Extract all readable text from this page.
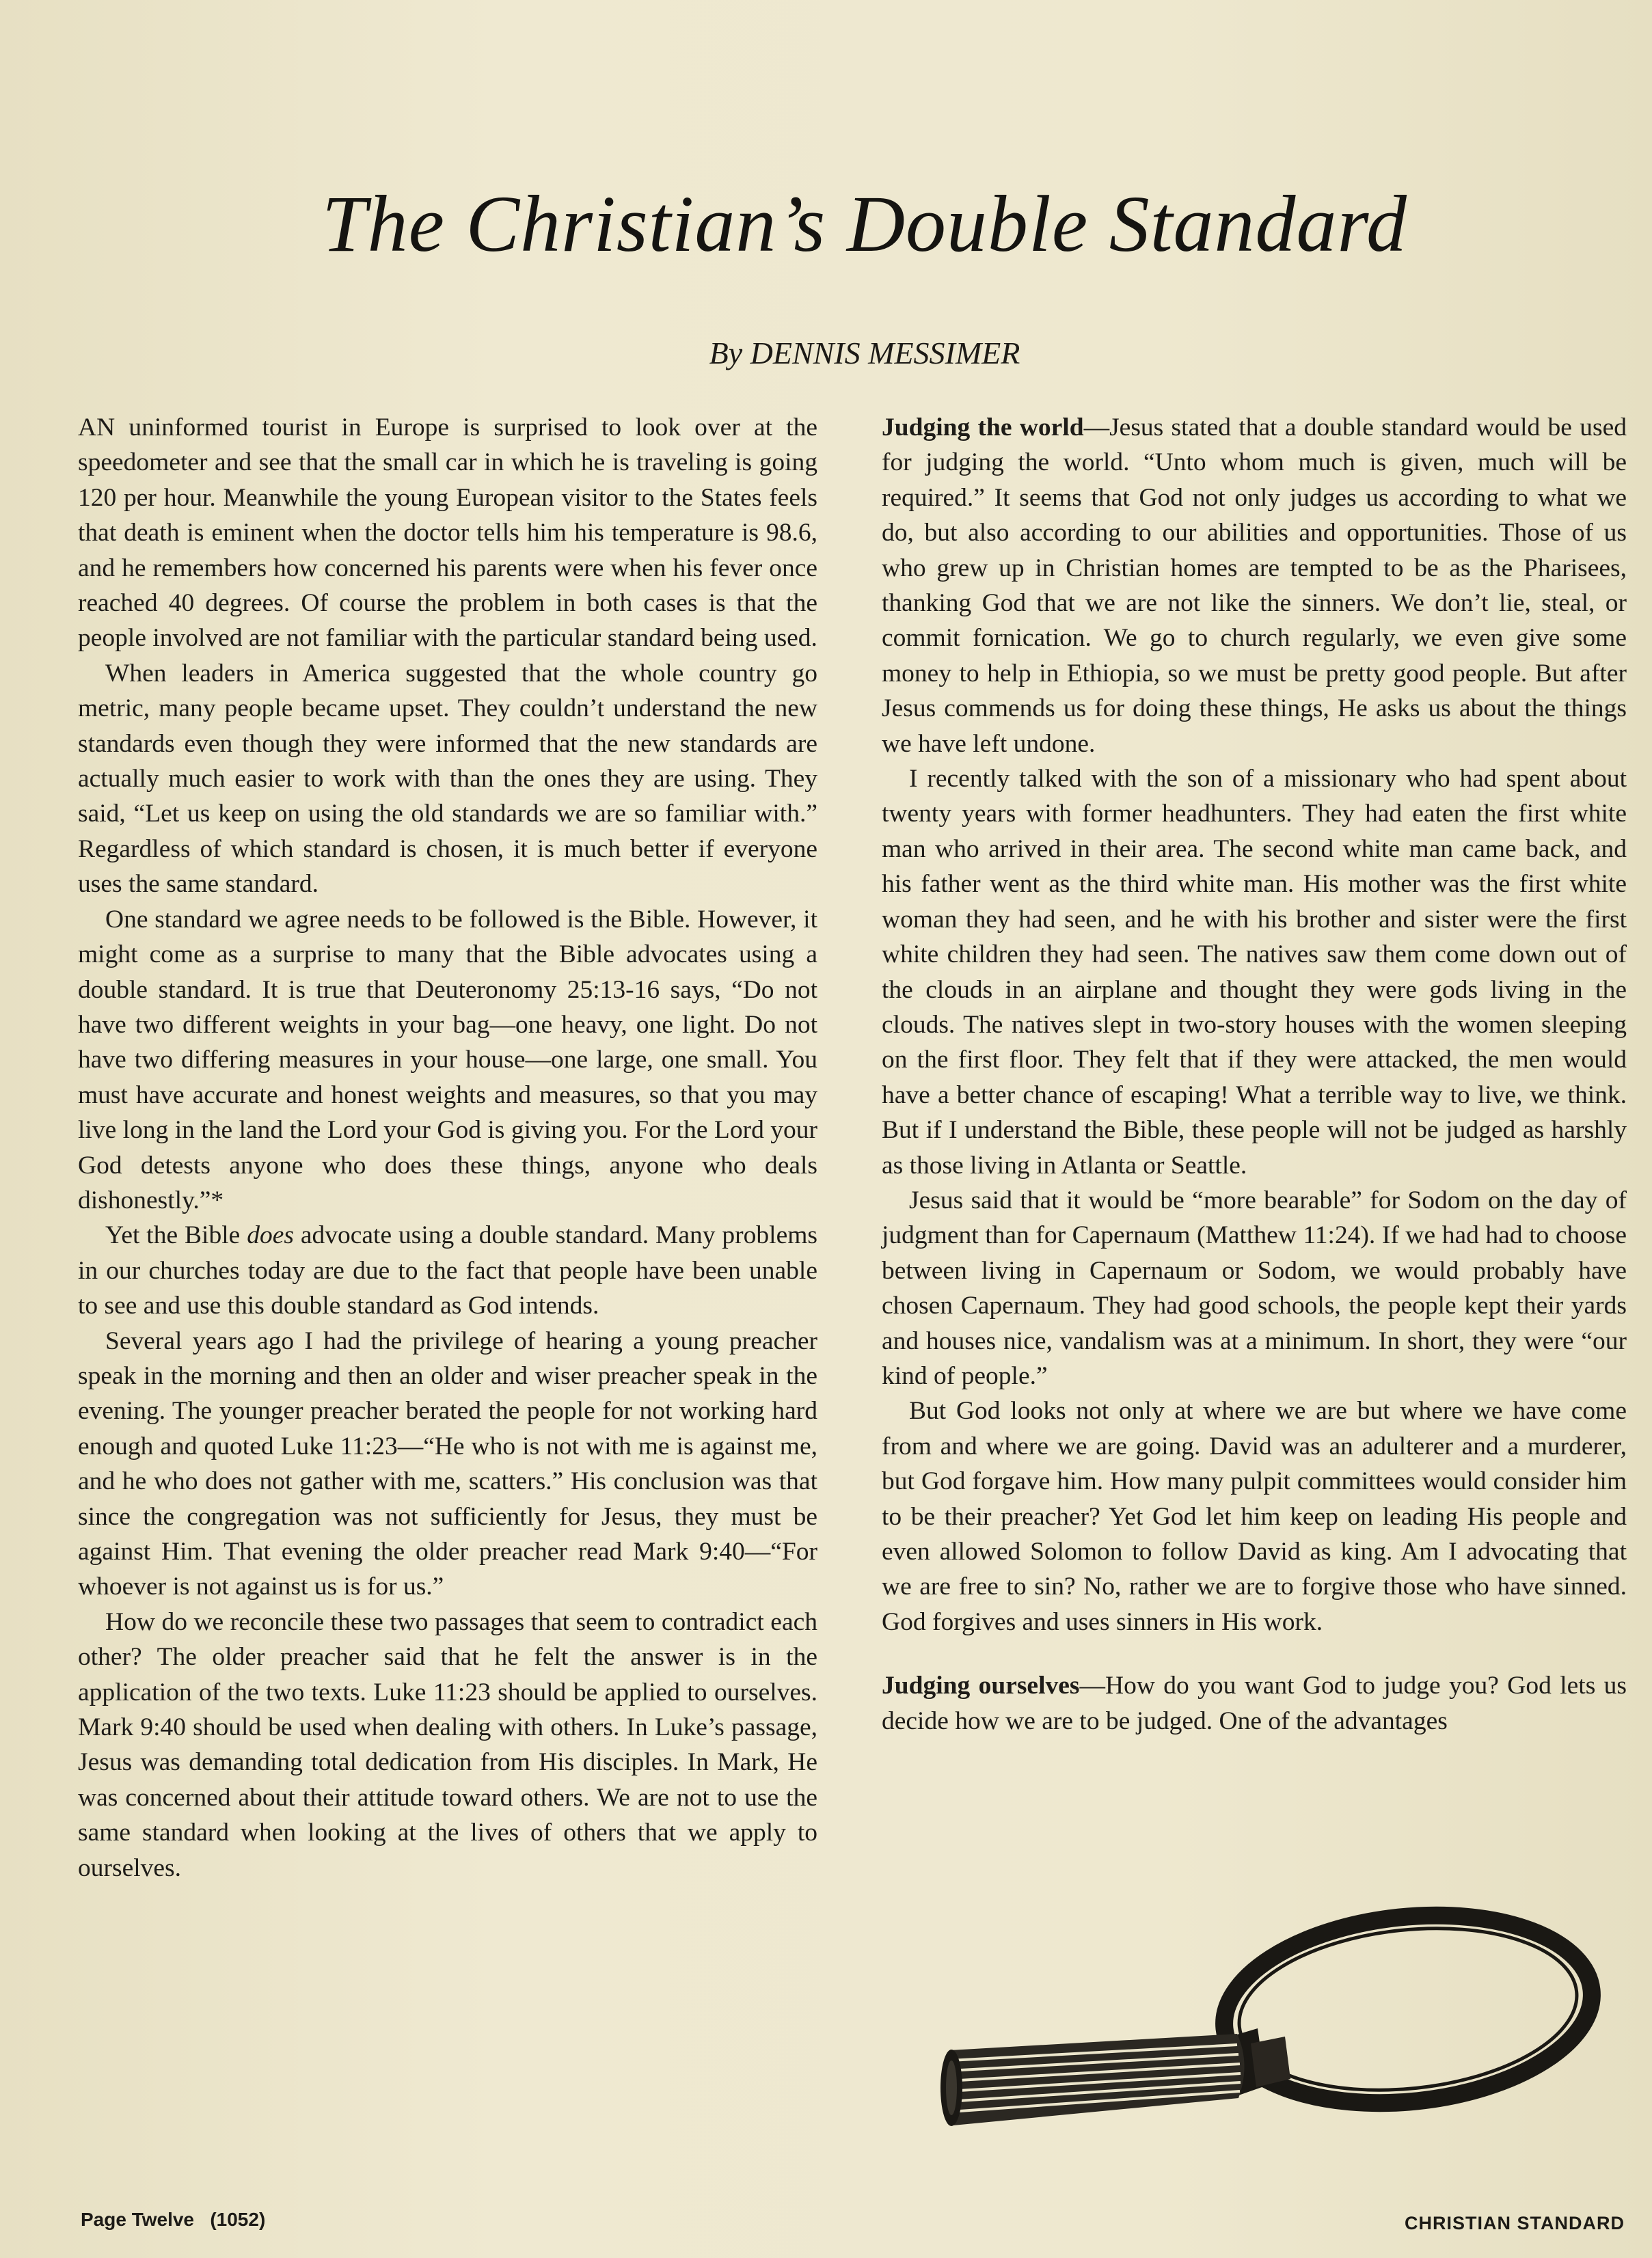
The Christian’s Double Standard
By DENNIS MESSIMER

AN uninformed tourist in Europe is surprised to look over at the speedometer and see that the small car in which he is traveling is going 120 per hour. Meanwhile the young European visitor to the States feels that death is eminent when the doctor tells him his temperature is 98.6, and he remembers how concerned his parents were when his fever once reached 40 degrees. Of course the problem in both cases is that the people involved are not familiar with the particular standard being used.

When leaders in America suggested that the whole country go metric, many people became upset. They couldn’t understand the new standards even though they were informed that the new standards are actually much easier to work with than the ones they are using. They said, “Let us keep on using the old standards we are so familiar with.” Regardless of which standard is chosen, it is much better if everyone uses the same standard.

One standard we agree needs to be followed is the Bible. However, it might come as a surprise to many that the Bible advocates using a double standard. It is true that Deuteronomy 25:13-16 says, “Do not have two different weights in your bag—one heavy, one light. Do not have two differing measures in your house—one large, one small. You must have accurate and honest weights and measures, so that you may live long in the land the Lord your God is giving you. For the Lord your God detests anyone who does these things, anyone who deals dishonestly.”*

Yet the Bible does advocate using a double standard. Many problems in our churches today are due to the fact that people have been unable to see and use this double standard as God intends.

Several years ago I had the privilege of hearing a young preacher speak in the morning and then an older and wiser preacher speak in the evening. The younger preacher berated the people for not working hard enough and quoted Luke 11:23—“He who is not with me is against me, and he who does not gather with me, scatters.” His conclusion was that since the congregation was not sufficiently for Jesus, they must be against Him. That evening the older preacher read Mark 9:40—“For whoever is not against us is for us.”

How do we reconcile these two passages that seem to contradict each other? The older preacher said that he felt the answer is in the application of the two texts. Luke 11:23 should be applied to ourselves. Mark 9:40 should be used when dealing with others. In Luke’s passage, Jesus was demanding total dedication from His disciples. In Mark, He was concerned about their attitude toward others. We are not to use the same standard when looking at the lives of others that we apply to ourselves.

Judging the world—Jesus stated that a double standard would be used for judging the world. “Unto whom much is given, much will be required.” It seems that God not only judges us according to what we do, but also according to our abilities and opportunities. Those of us who grew up in Christian homes are tempted to be as the Pharisees, thanking God that we are not like the sinners. We don’t lie, steal, or commit fornication. We go to church regularly, we even give some money to help in Ethiopia, so we must be pretty good people. But after Jesus commends us for doing these things, He asks us about the things we have left undone.

I recently talked with the son of a missionary who had spent about twenty years with former headhunters. They had eaten the first white man who arrived in their area. The second white man came back, and his father went as the third white man. His mother was the first white woman they had seen, and he with his brother and sister were the first white children they had seen. The natives saw them come down out of the clouds in an airplane and thought they were gods living in the clouds. The natives slept in two-story houses with the women sleeping on the first floor. They felt that if they were attacked, the men would have a better chance of escaping! What a terrible way to live, we think. But if I understand the Bible, these people will not be judged as harshly as those living in Atlanta or Seattle.

Jesus said that it would be “more bearable” for Sodom on the day of judgment than for Capernaum (Matthew 11:24). If we had had to choose between living in Capernaum or Sodom, we would probably have chosen Capernaum. They had good schools, the people kept their yards and houses nice, vandalism was at a minimum. In short, they were “our kind of people.”

But God looks not only at where we are but where we have come from and where we are going. David was an adulterer and a murderer, but God forgave him. How many pulpit committees would consider him to be their preacher? Yet God let him keep on leading His people and even allowed Solomon to follow David as king. Am I advocating that we are free to sin? No, rather we are to forgive those who have sinned. God forgives and uses sinners in His work.

Judging ourselves—How do you want God to judge you? God lets us decide how we are to be judged. One of the advantages

Page Twelve   (1052)	CHRISTIAN STANDARD
